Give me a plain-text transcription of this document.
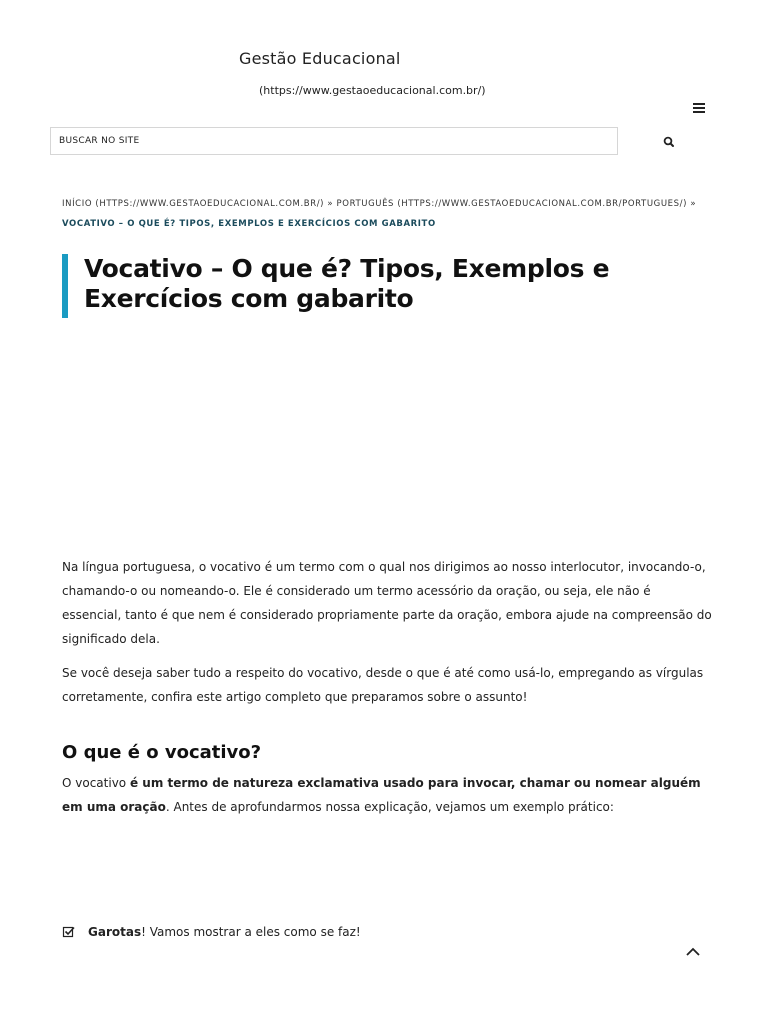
Gestão Educacional
(https://www.gestaoeducacional.com.br/)
BUSCAR NO SITE
INÍCIO (HTTPS://WWW.GESTAOEDUCACIONAL.COM.BR/) » PORTUGUÊS (HTTPS://WWW.GESTAOEDUCACIONAL.COM.BR/PORTUGUES/) »
VOCATIVO – O QUE É? TIPOS, EXEMPLOS E EXERCÍCIOS COM GABARITO
Vocativo – O que é? Tipos, Exemplos e Exercícios com gabarito

Na língua portuguesa, o vocativo é um termo com o qual nos dirigimos ao nosso interlocutor, invocando-o, chamando-o ou nomeando-o. Ele é considerado um termo acessório da oração, ou seja, ele não é essencial, tanto é que nem é considerado propriamente parte da oração, embora ajude na compreensão do significado dela.

Se você deseja saber tudo a respeito do vocativo, desde o que é até como usá-lo, empregando as vírgulas corretamente, confira este artigo completo que preparamos sobre o assunto!

O que é o vocativo?

O vocativo é um termo de natureza exclamativa usado para invocar, chamar ou nomear alguém em uma oração. Antes de aprofundarmos nossa explicação, vejamos um exemplo prático:

Garotas! Vamos mostrar a eles como se faz!
